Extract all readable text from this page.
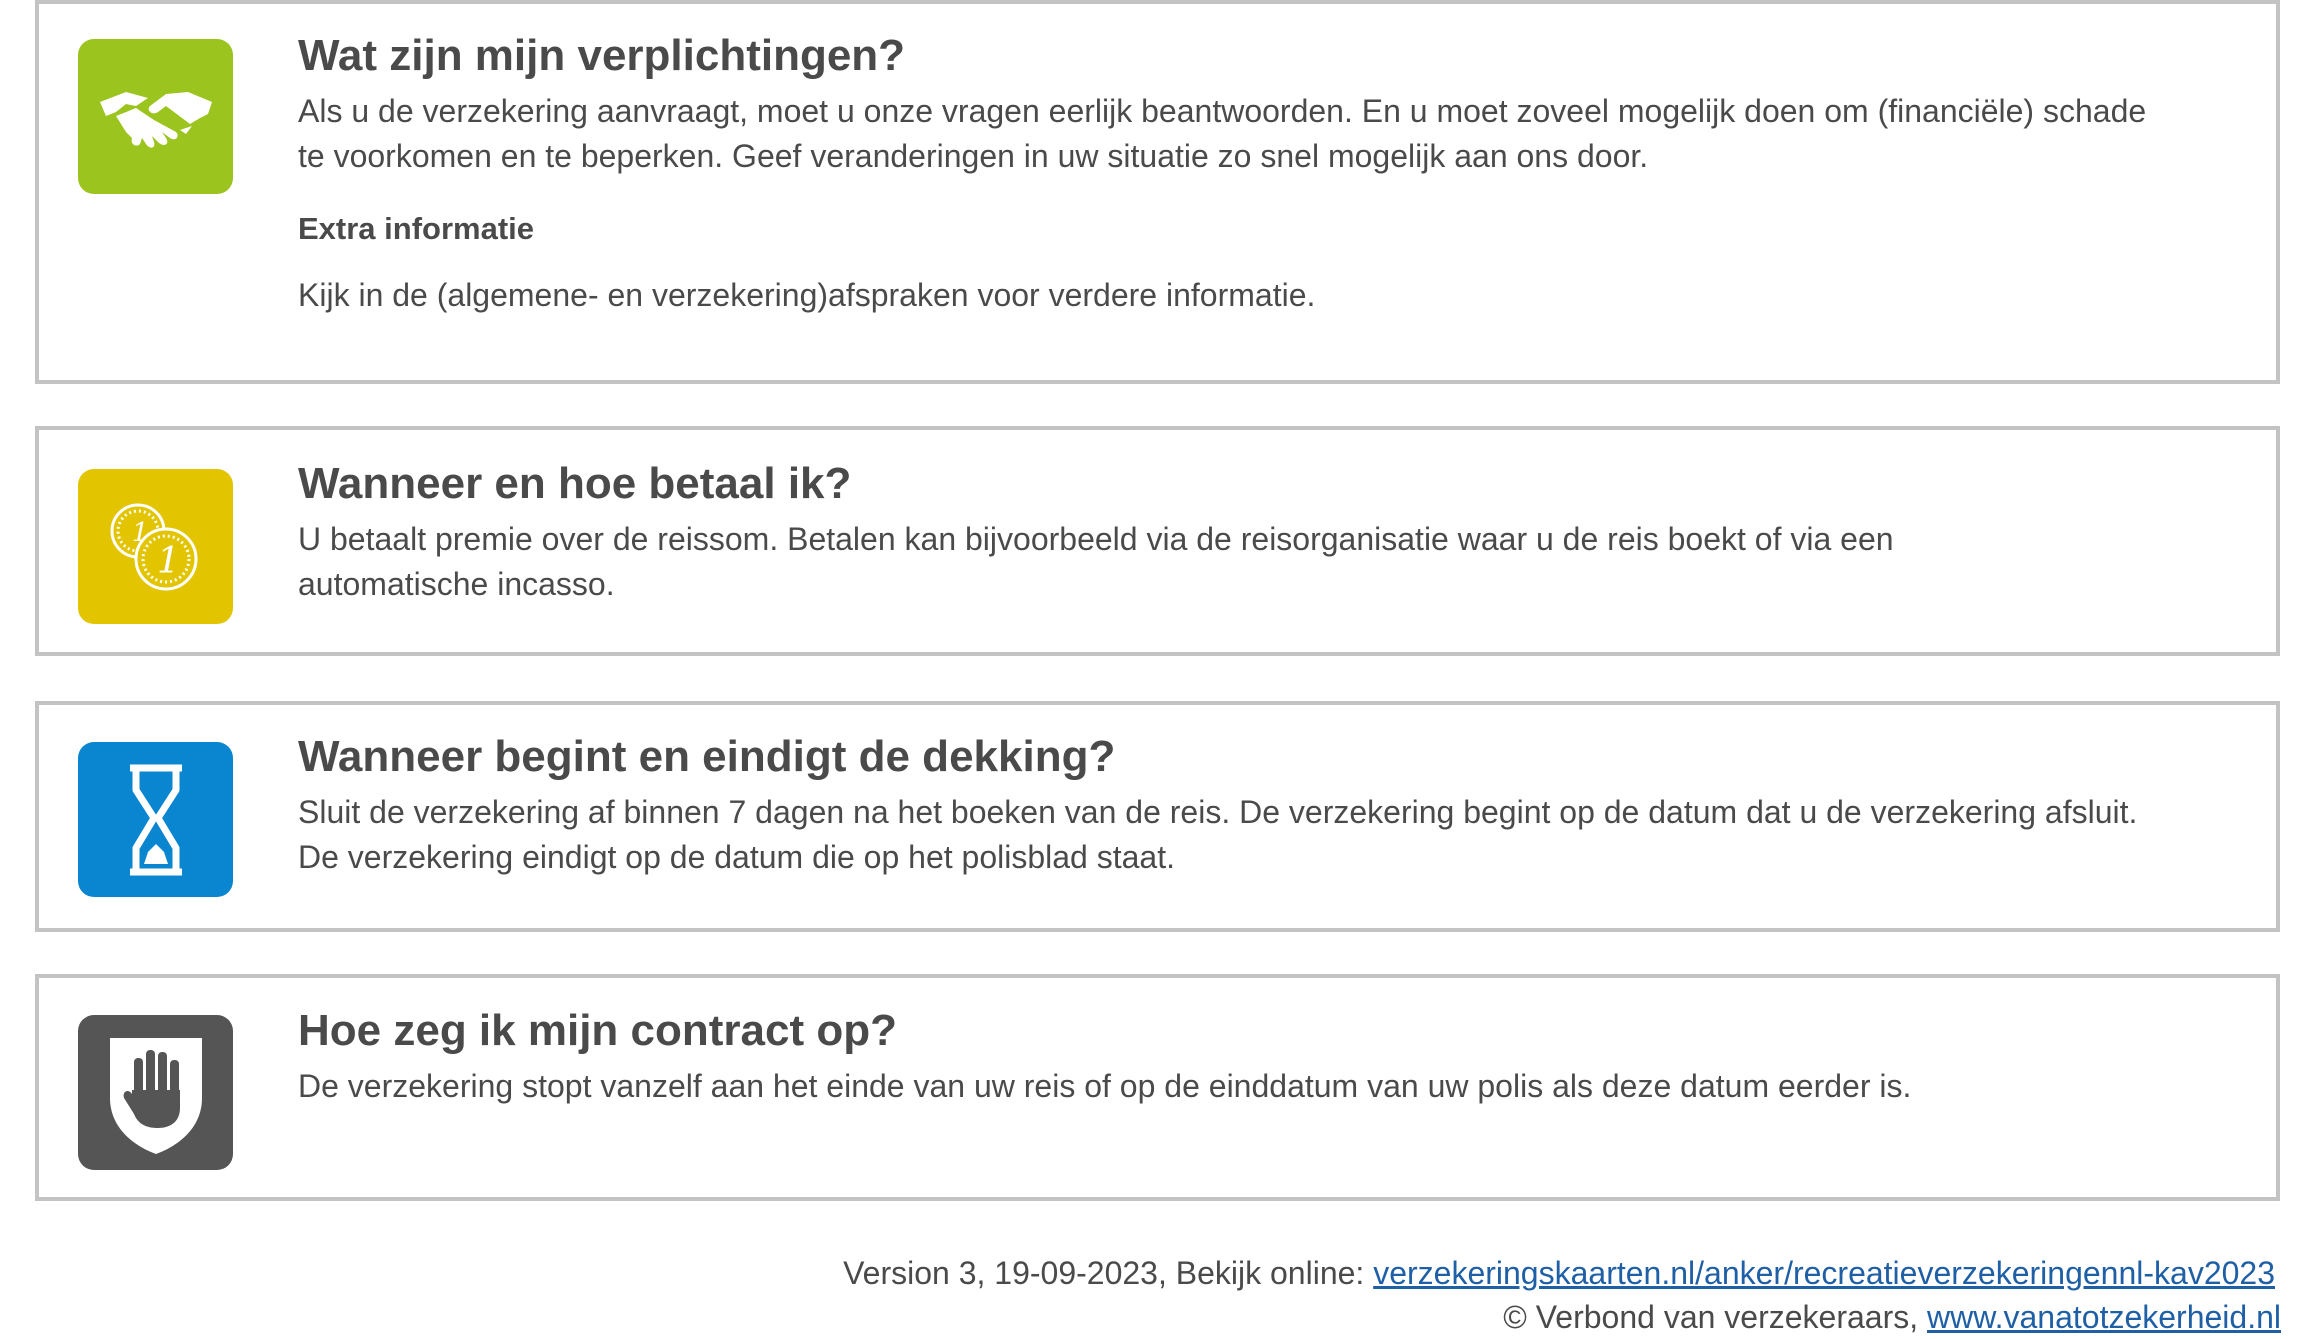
Wat zijn mijn verplichtingen?

Als u de verzekering aanvraagt, moet u onze vragen eerlijk beantwoorden. En u moet zoveel mogelijk doen om (financiële) schade
te voorkomen en te beperken. Geef veranderingen in uw situatie zo snel mogelijk aan ons door.

Extra informatie

Kijk in de (algemene- en verzekering)afspraken voor verdere informatie.

1
1
Wanneer en hoe betaal ik?

U betaalt premie over de reissom. Betalen kan bijvoorbeeld via de reisorganisatie waar u de reis boekt of via een
automatische incasso.

Wanneer begint en eindigt de dekking?

Sluit de verzekering af binnen 7 dagen na het boeken van de reis. De verzekering begint op de datum dat u de verzekering afsluit.
De verzekering eindigt op de datum die op het polisblad staat.

Hoe zeg ik mijn contract op?

De verzekering stopt vanzelf aan het einde van uw reis of op de einddatum van uw polis als deze datum eerder is.

Version 3, 19-09-2023, Bekijk online: verzekeringskaarten.nl/anker/recreatieverzekeringennl-kav2023
© Verbond van verzekeraars, www.vanatotzekerheid.nl
